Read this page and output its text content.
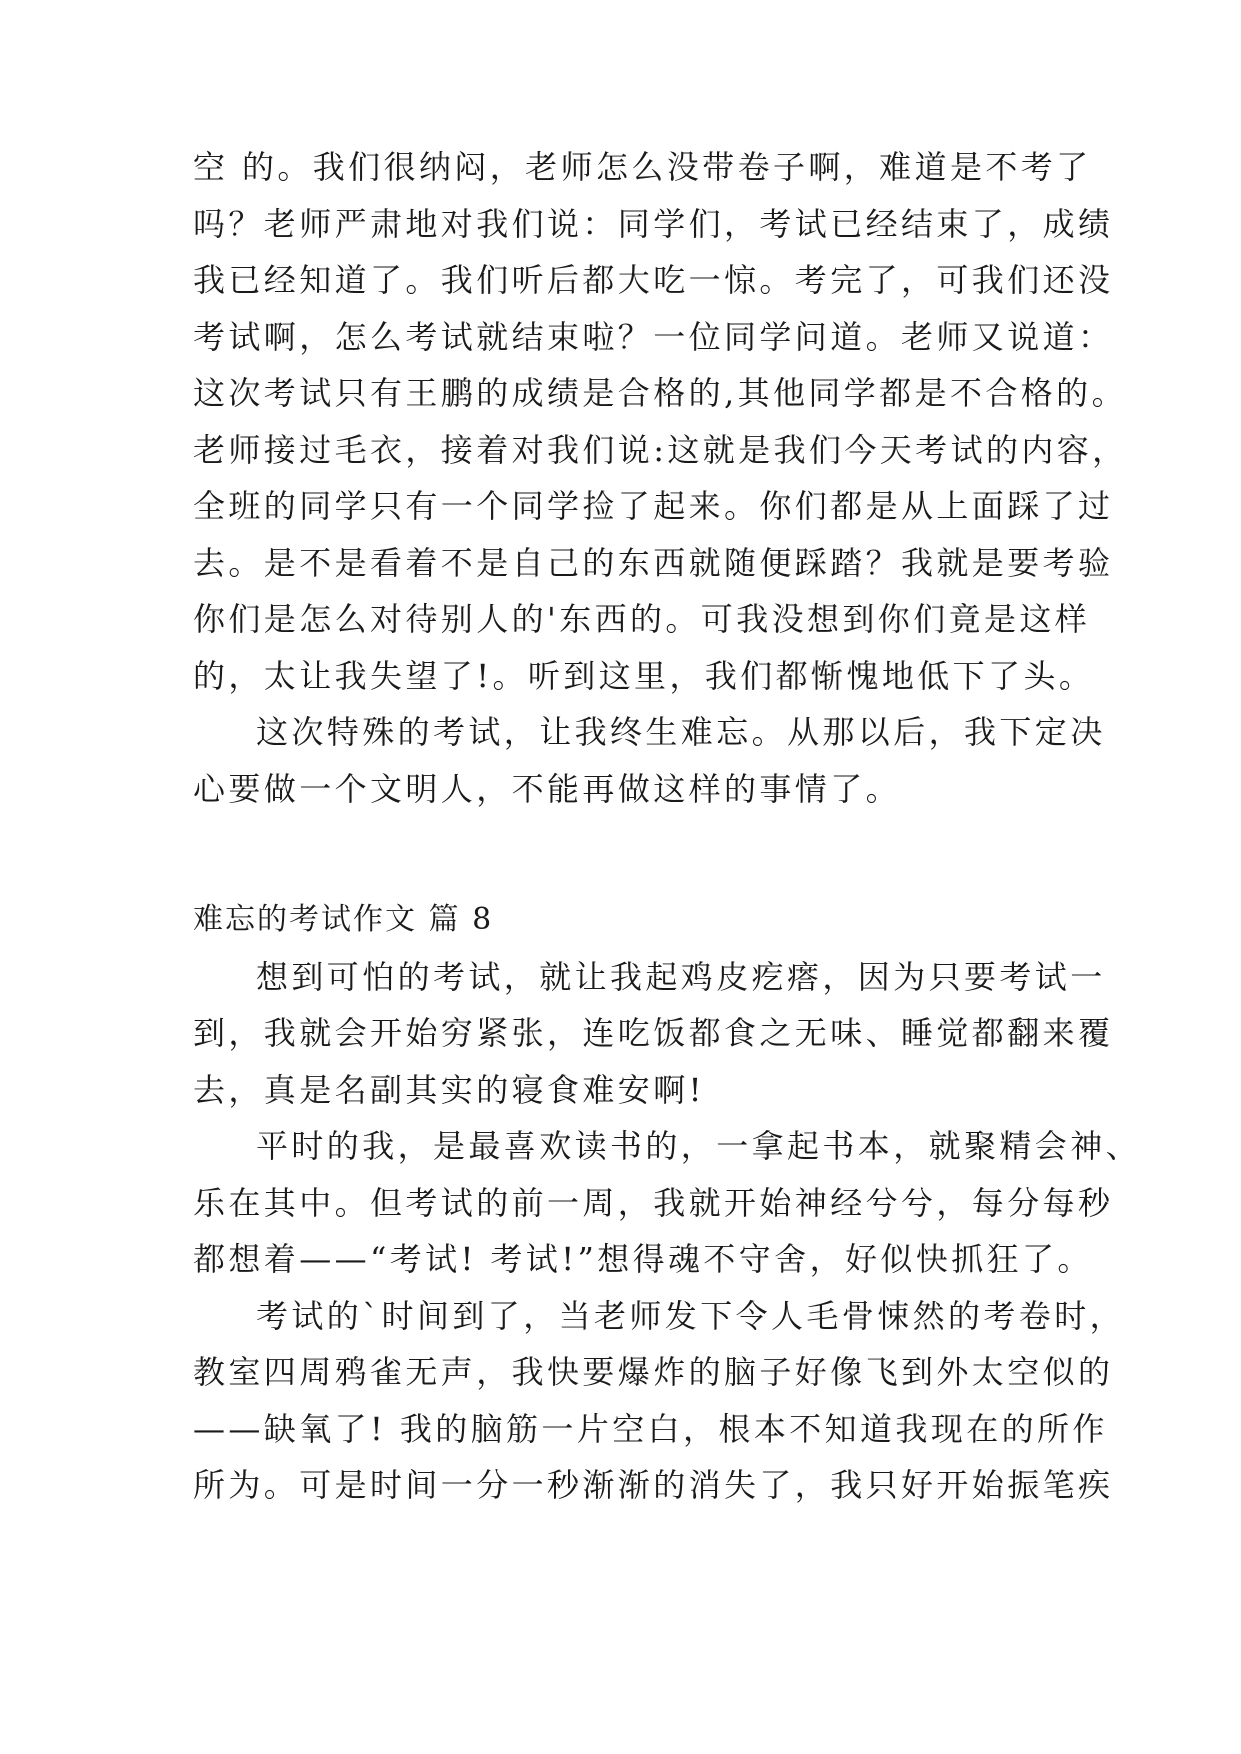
空 的。我们很纳闷，老师怎么没带卷子啊，难道是不考了
吗？老师严肃地对我们说：同学们，考试已经结束了，成绩
我已经知道了。我们听后都大吃一惊。考完了，可我们还没
考试啊，怎么考试就结束啦？一位同学问道。老师又说道：
这次考试只有王鹏的成绩是合格的,其他同学都是不合格的。
老师接过毛衣，接着对我们说:这就是我们今天考试的内容，
全班的同学只有一个同学捡了起来。你们都是从上面踩了过
去。是不是看着不是自己的东西就随便踩踏？我就是要考验
你们是怎么对待别人的'东西的。可我没想到你们竟是这样
的，太让我失望了!。听到这里，我们都惭愧地低下了头。
这次特殊的考试，让我终生难忘。从那以后，我下定决
心要做一个文明人，不能再做这样的事情了。
难忘的考试作文 篇 8
想到可怕的考试，就让我起鸡皮疙瘩，因为只要考试一
到，我就会开始穷紧张，连吃饭都食之无味、睡觉都翻来覆
去，真是名副其实的寝食难安啊!
平时的我，是最喜欢读书的，一拿起书本，就聚精会神、
乐在其中。但考试的前一周，我就开始神经兮兮，每分每秒
都想着——“考试! 考试!”想得魂不守舍，好似快抓狂了。
考试的`时间到了，当老师发下令人毛骨悚然的考卷时，
教室四周鸦雀无声，我快要爆炸的脑子好像飞到外太空似的
——缺氧了! 我的脑筋一片空白，根本不知道我现在的所作
所为。可是时间一分一秒渐渐的消失了，我只好开始振笔疾
